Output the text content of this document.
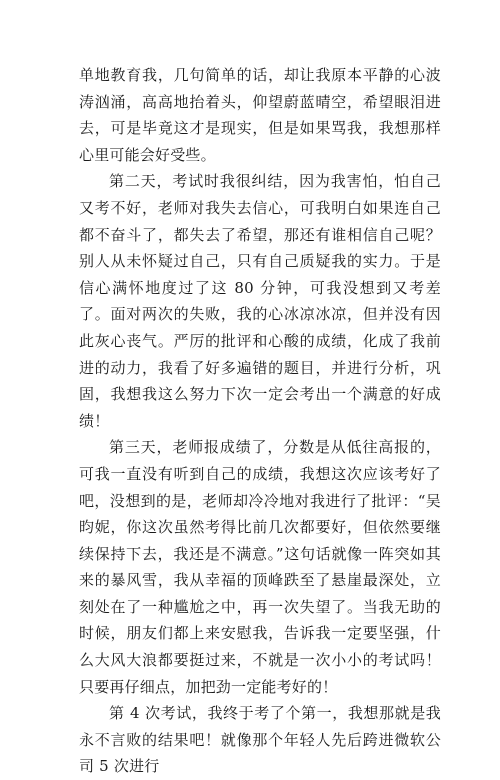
单地教育我，几句简单的话，却让我原本平静的心波涛汹涌，高高地抬着头，仰望蔚蓝晴空，希望眼泪进去，可是毕竟这才是现实，但是如果骂我，我想那样心里可能会好受些。

第二天，考试时我很纠结，因为我害怕，怕自己又考不好，老师对我失去信心，可我明白如果连自己都不奋斗了，都失去了希望，那还有谁相信自己呢？别人从未怀疑过自己，只有自己质疑我的实力。于是信心满怀地度过了这 80 分钟，可我没想到又考差了。面对两次的失败，我的心冰凉冰凉，但并没有因此灰心丧气。严厉的批评和心酸的成绩，化成了我前进的动力，我看了好多遍错的题目，并进行分析，巩固，我想我这么努力下次一定会考出一个满意的好成绩！

第三天，老师报成绩了，分数是从低往高报的，可我一直没有听到自己的成绩，我想这次应该考好了吧，没想到的是，老师却冷冷地对我进行了批评：“吴昀妮，你这次虽然考得比前几次都要好，但依然要继续保持下去，我还是不满意。”这句话就像一阵突如其来的暴风雪，我从幸福的顶峰跌至了悬崖最深处，立刻处在了一种尴尬之中，再一次失望了。当我无助的时候，朋友们都上来安慰我，告诉我一定要坚强，什么大风大浪都要挺过来，不就是一次小小的考试吗！只要再仔细点，加把劲一定能考好的！

第 4 次考试，我终于考了个第一，我想那就是我永不言败的结果吧！就像那个年轻人先后跨进微软公司 5 次进行
